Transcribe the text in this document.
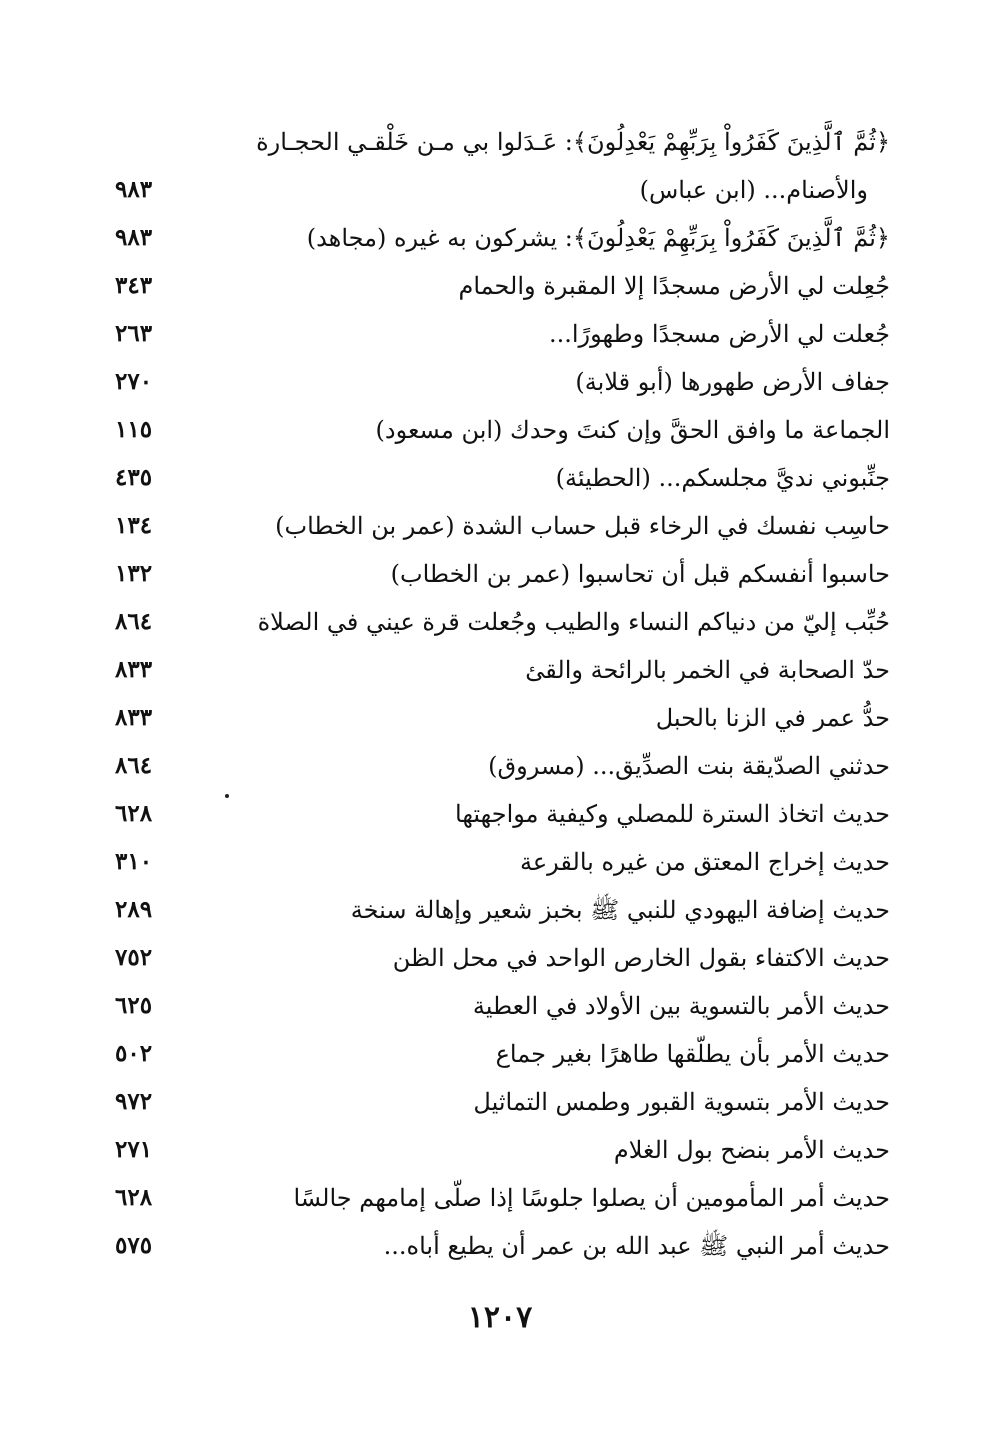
﴿ثُمَّ ٱلَّذِينَ كَفَرُواْ بِرَبِّهِمْ يَعْدِلُونَ﴾: عَـدَلوا بي مـن خَلْقـي الحجـارة
والأصنام... (ابن عباس)
٩٨٣
﴿ثُمَّ ٱلَّذِينَ كَفَرُواْ بِرَبِّهِمْ يَعْدِلُونَ﴾: يشركون به غيره (مجاهد)
٩٨٣
جُعِلت لي الأرض مسجدًا إلا المقبرة والحمام
٣٤٣
جُعلت لي الأرض مسجدًا وطهورًا...
٢٦٣
جفاف الأرض طهورها (أبو قلابة)
٢٧٠
الجماعة ما وافق الحقَّ وإن كنتَ وحدك (ابن مسعود)
١١٥
جنِّبوني نديَّ مجلسكم... (الحطيئة)
٤٣٥
حاسِب نفسك في الرخاء قبل حساب الشدة (عمر بن الخطاب)
١٣٤
حاسبوا أنفسكم قبل أن تحاسبوا (عمر بن الخطاب)
١٣٢
حُبِّب إليّ من دنياكم النساء والطيب وجُعلت قرة عيني في الصلاة
٨٦٤
حدّ الصحابة في الخمر بالرائحة والقئ
٨٣٣
حدُّ عمر في الزنا بالحبل
٨٣٣
حدثني الصدّيقة بنت الصدِّيق... (مسروق)
٨٦٤
حديث اتخاذ السترة للمصلي وكيفية مواجهتها
٦٢٨
حديث إخراج المعتق من غيره بالقرعة
٣١٠
حديث إضافة اليهودي للنبي ﷺ بخبز شعير وإهالة سنخة
٢٨٩
حديث الاكتفاء بقول الخارص الواحد في محل الظن
٧٥٢
حديث الأمر بالتسوية بين الأولاد في العطية
٦٢٥
حديث الأمر بأن يطلّقها طاهرًا بغير جماع
٥٠٢
حديث الأمر بتسوية القبور وطمس التماثيل
٩٧٢
حديث الأمر بنضح بول الغلام
٢٧١
حديث أمر المأمومين أن يصلوا جلوسًا إذا صلّى إمامهم جالسًا
٦٢٨
حديث أمر النبي ﷺ عبد الله بن عمر أن يطيع أباه...
٥٧٥
١٢٠٧
